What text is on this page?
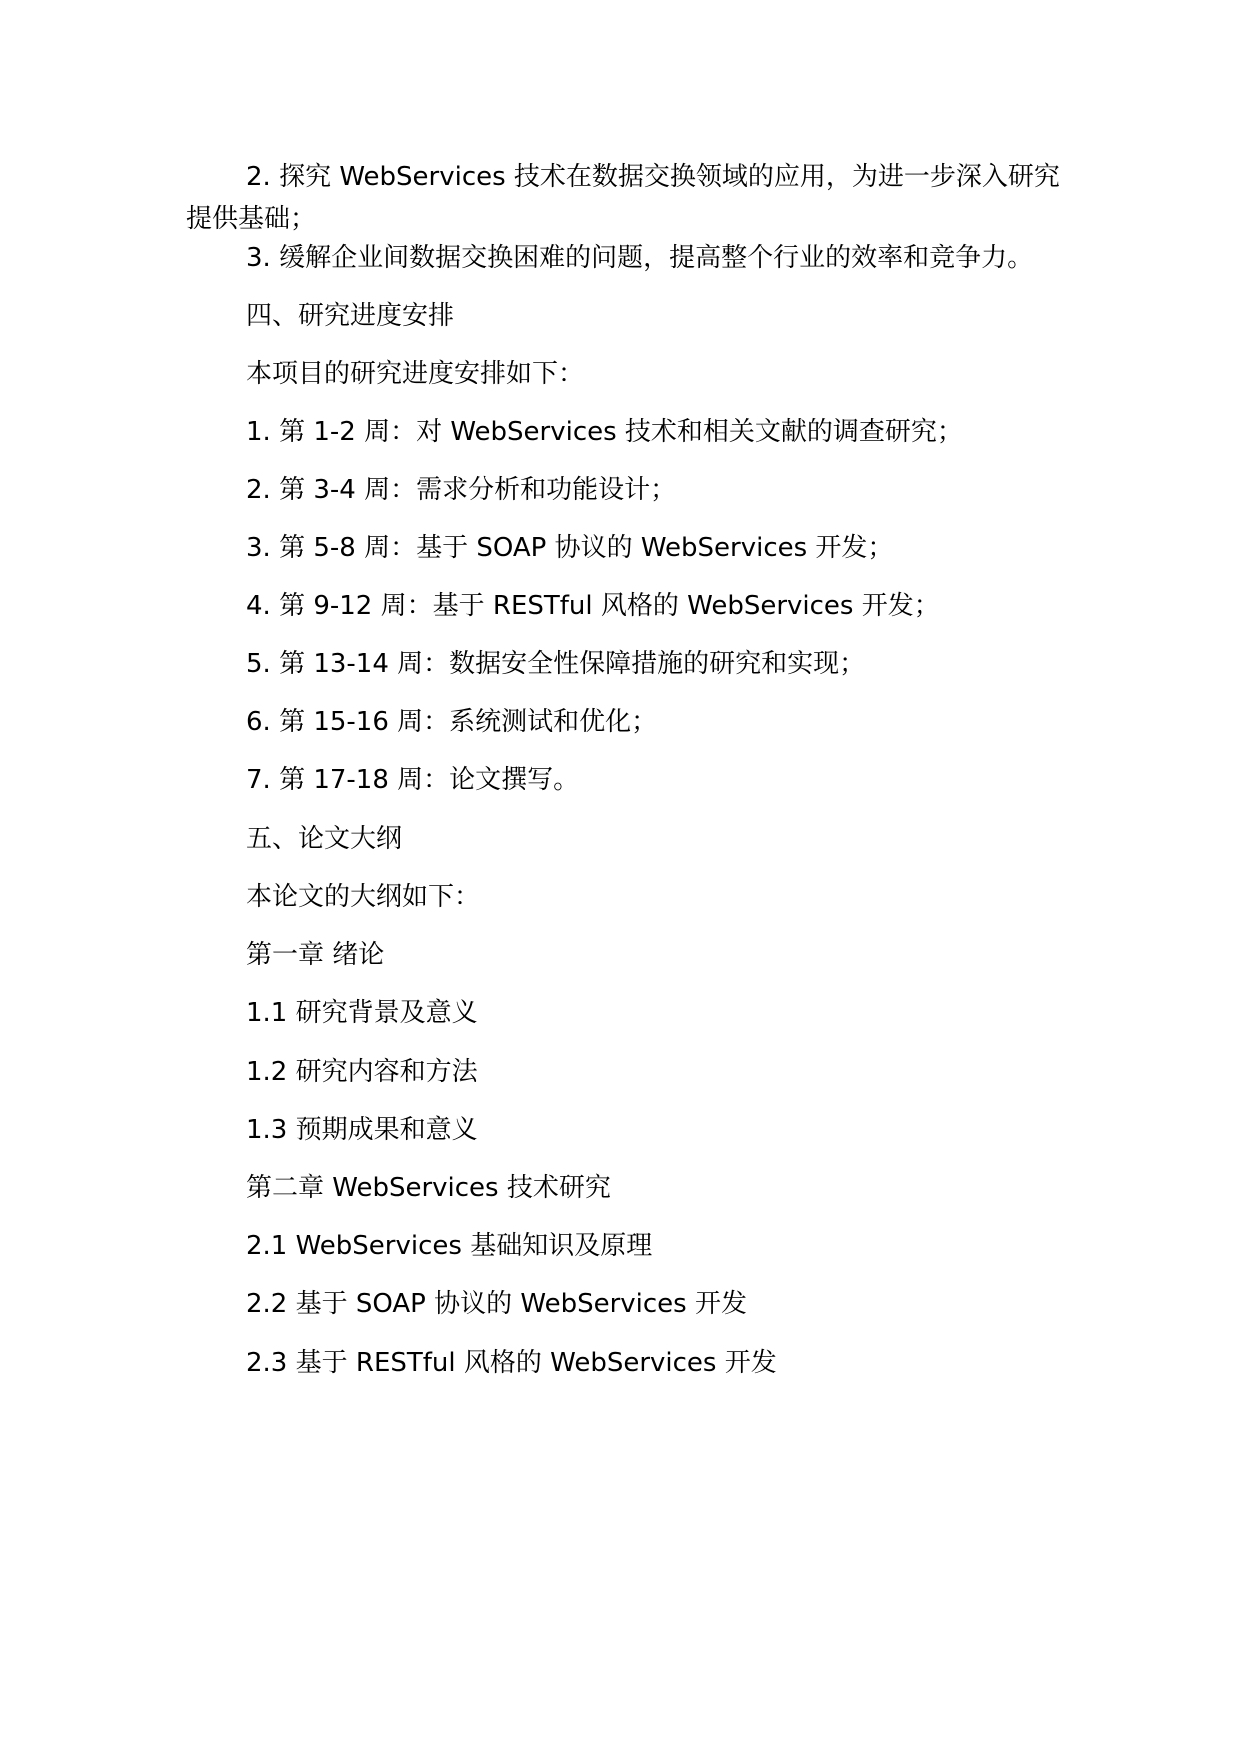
2. 探究 WebServices 技术在数据交换领域的应用，为进一步深入研究提供基础；
3. 缓解企业间数据交换困难的问题，提高整个行业的效率和竞争力。
四、研究进度安排
本项目的研究进度安排如下：
1. 第 1-2 周：对 WebServices 技术和相关文献的调查研究；
2. 第 3-4 周：需求分析和功能设计；
3. 第 5-8 周：基于 SOAP 协议的 WebServices 开发；
4. 第 9-12 周：基于 RESTful 风格的 WebServices 开发；
5. 第 13-14 周：数据安全性保障措施的研究和实现；
6. 第 15-16 周：系统测试和优化；
7. 第 17-18 周：论文撰写。
五、论文大纲
本论文的大纲如下：
第一章 绪论
1.1 研究背景及意义
1.2 研究内容和方法
1.3 预期成果和意义
第二章 WebServices 技术研究
2.1 WebServices 基础知识及原理
2.2 基于 SOAP 协议的 WebServices 开发
2.3 基于 RESTful 风格的 WebServices 开发
